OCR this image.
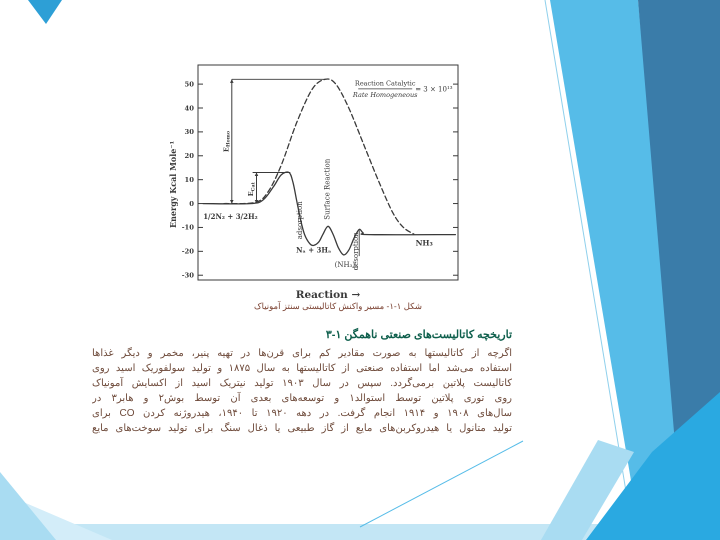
50
40
30
20
10
0
-10
-20
-30
Energy Kcal Mole⁻¹
Reaction →
$E_{Homo}$
$E_{Cat}$
1/2N₂ + 3/2H₂	adsorption
Nₐ + 3Hₐ
Surface Reaction
(NH₃)ₐ
desorption	NH₃
Reaction Catalytic
Rate Homogeneous
= 3 × 10¹³
شکل ۱-۱- مسیر واکنش کاتالیستی سنتز آمونیاک
۳-۱ تاریخچه کاتالیست‌های صنعتی ناهمگن
اگرچه از کاتالیستها به صورت مقادیر کم برای قرن‌ها در تهیه پنیر، مخمر و دیگر غذاها
استفاده می‌شد اما استفاده صنعتی از کاتالیستها به سال ۱۸۷۵ و تولید سولفوریک اسید روی
کاتالیست پلاتین برمی‌گردد. سپس در سال ۱۹۰۳ تولید نیتریک اسید از اکسایش آمونیاک
روی توری پلاتین توسط استوالد۱ و توسعه‌های بعدی آن توسط بوش۲ و هابر۳ در
سال‌های ۱۹۰۸ و ۱۹۱۴ انجام گرفت. در دهه ۱۹۲۰ تا ۱۹۴۰، هیدروژنه کردن CO برای
تولید متانول یا هیدروکربن‌های مایع از گاز طبیعی یا ذغال سنگ برای تولید سوخت‌های مایع
